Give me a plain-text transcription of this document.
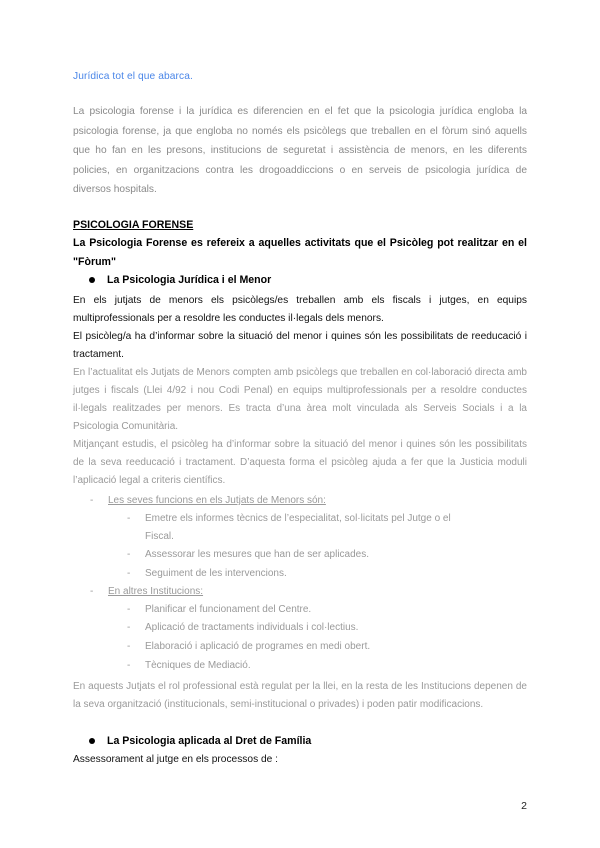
Jurídica tot el que abarca.

La psicologia forense i la jurídica es diferencien en el fet que la psicologia jurídica engloba la psicologia forense, ja que engloba no només els psicòlegs que treballen en el fòrum sinó aquells que ho fan en les presons, institucions de seguretat i assistència de menors, en les diferents policies, en organitzacions contra les drogoaddiccions o en serveis de psicologia jurídica de diversos hospitals.

PSICOLOGIA FORENSE

La Psicologia Forense es refereix a aquelles activitats que el Psicòleg pot realitzar en el "Fòrum"

La Psicologia Jurídica i el Menor

En els jutjats de menors els psicòlegs/es treballen amb els fiscals i jutges, en equips multiprofessionals per a resoldre les conductes il·legals dels menors.

El psicòleg/a ha d’informar sobre la situació del menor i quines són les possibilitats de reeducació i tractament.

En l’actualitat els Jutjats de Menors compten amb psicòlegs que treballen en col·laboració directa amb jutges i fiscals (Llei 4/92 i nou Codi Penal) en equips multiprofessionals per a resoldre conductes il·legals realitzades per menors. Es tracta d’una àrea molt vinculada als Serveis Socials i a la Psicologia Comunitària.

Mitjançant estudis, el psicòleg ha d’informar sobre la situació del menor i quines són les possibilitats de la seva reeducació i tractament. D’aquesta forma el psicòleg ajuda a fer que la Justicia moduli l’aplicació legal a criteris científics.

-	Les seves funcions en els Jutjats de Menors són:
-	Emetre els informes tècnics de l’especialitat, sol·licitats pel Jutge o el
Fiscal.
-	Assessorar les mesures que han de ser aplicades.
-	Seguiment de les intervencions.
-	En altres Institucions:
-	Planificar el funcionament del Centre.
-	Aplicació de tractaments individuals i col·lectius.
-	Elaboració i aplicació de programes en medi obert.
-	Tècniques de Mediació.

En aquests Jutjats el rol professional està regulat per la llei, en la resta de les Institucions depenen de la seva organització (institucionals, semi-institucional o privades) i poden patir modificacions.

La Psicologia aplicada al Dret de Família

Assessorament al jutge en els processos de :

2
